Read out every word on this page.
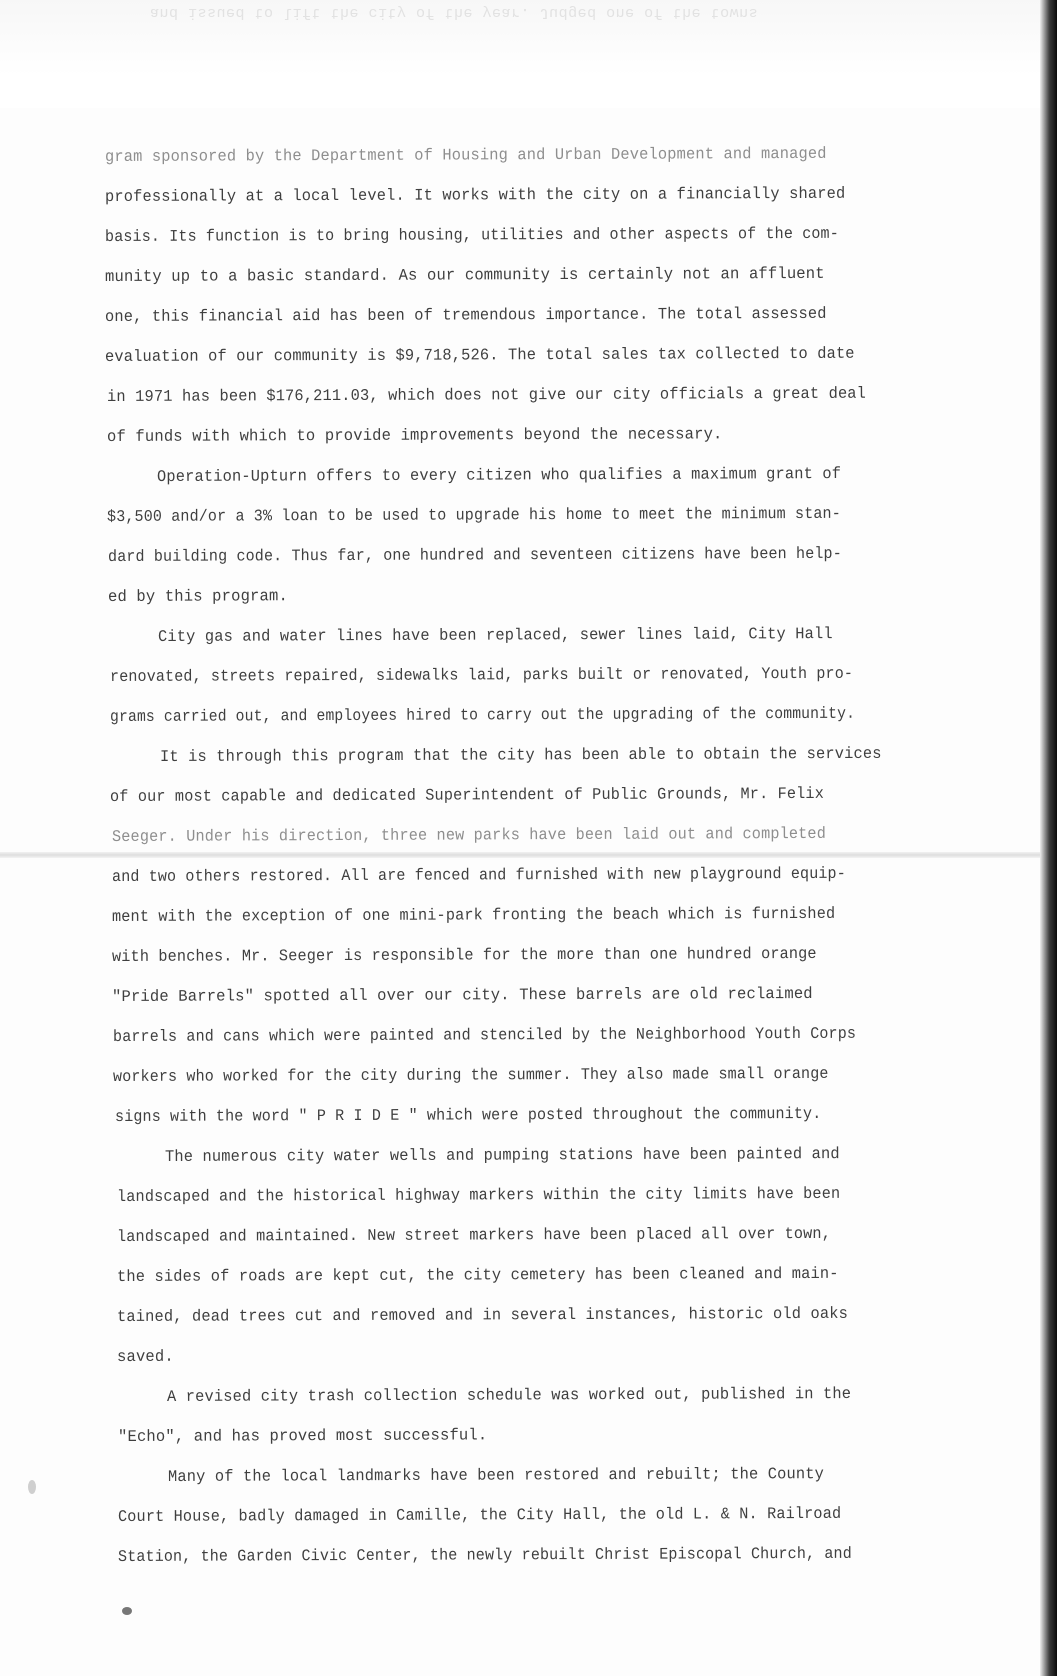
and issued to lift the city of the year. Judged one of the towns
gram sponsored by the Department of Housing and Urban Development and managed
professionally at a local level. It works with the city on a financially shared
basis. Its function is to bring housing, utilities and other aspects of the com-
munity up to a basic standard. As our community is certainly not an affluent
one, this financial aid has been of tremendous importance. The total assessed
evaluation of our community is $9,718,526. The total sales tax collected to date
in 1971 has been $176,211.03, which does not give our city officials a great deal
of funds with which to provide improvements beyond the necessary.
Operation-Upturn offers to every citizen who qualifies a maximum grant of
$3,500 and/or a 3% loan to be used to upgrade his home to meet the minimum stan-
dard building code. Thus far, one hundred and seventeen citizens have been help-
ed by this program.
City gas and water lines have been replaced, sewer lines laid, City Hall
renovated, streets repaired, sidewalks laid, parks built or renovated, Youth pro-
grams carried out, and employees hired to carry out the upgrading of the community.
It is through this program that the city has been able to obtain the services
of our most capable and dedicated Superintendent of Public Grounds, Mr. Felix
Seeger. Under his direction, three new parks have been laid out and completed
and two others restored. All are fenced and furnished with new playground equip-
ment with the exception of one mini-park fronting the beach which is furnished
with benches. Mr. Seeger is responsible for the more than one hundred orange
"Pride Barrels" spotted all over our city. These barrels are old reclaimed
barrels and cans which were painted and stenciled by the Neighborhood Youth Corps
workers who worked for the city during the summer. They also made small orange
signs with the word " P R I D E " which were posted throughout the community.
The numerous city water wells and pumping stations have been painted and
landscaped and the historical highway markers within the city limits have been
landscaped and maintained. New street markers have been placed all over town,
the sides of roads are kept cut, the city cemetery has been cleaned and main-
tained, dead trees cut and removed and in several instances, historic old oaks
saved.
A revised city trash collection schedule was worked out, published in the
"Echo", and has proved most successful.
Many of the local landmarks have been restored and rebuilt; the County
Court House, badly damaged in Camille, the City Hall, the old L. & N. Railroad
Station, the Garden Civic Center, the newly rebuilt Christ Episcopal Church, and
